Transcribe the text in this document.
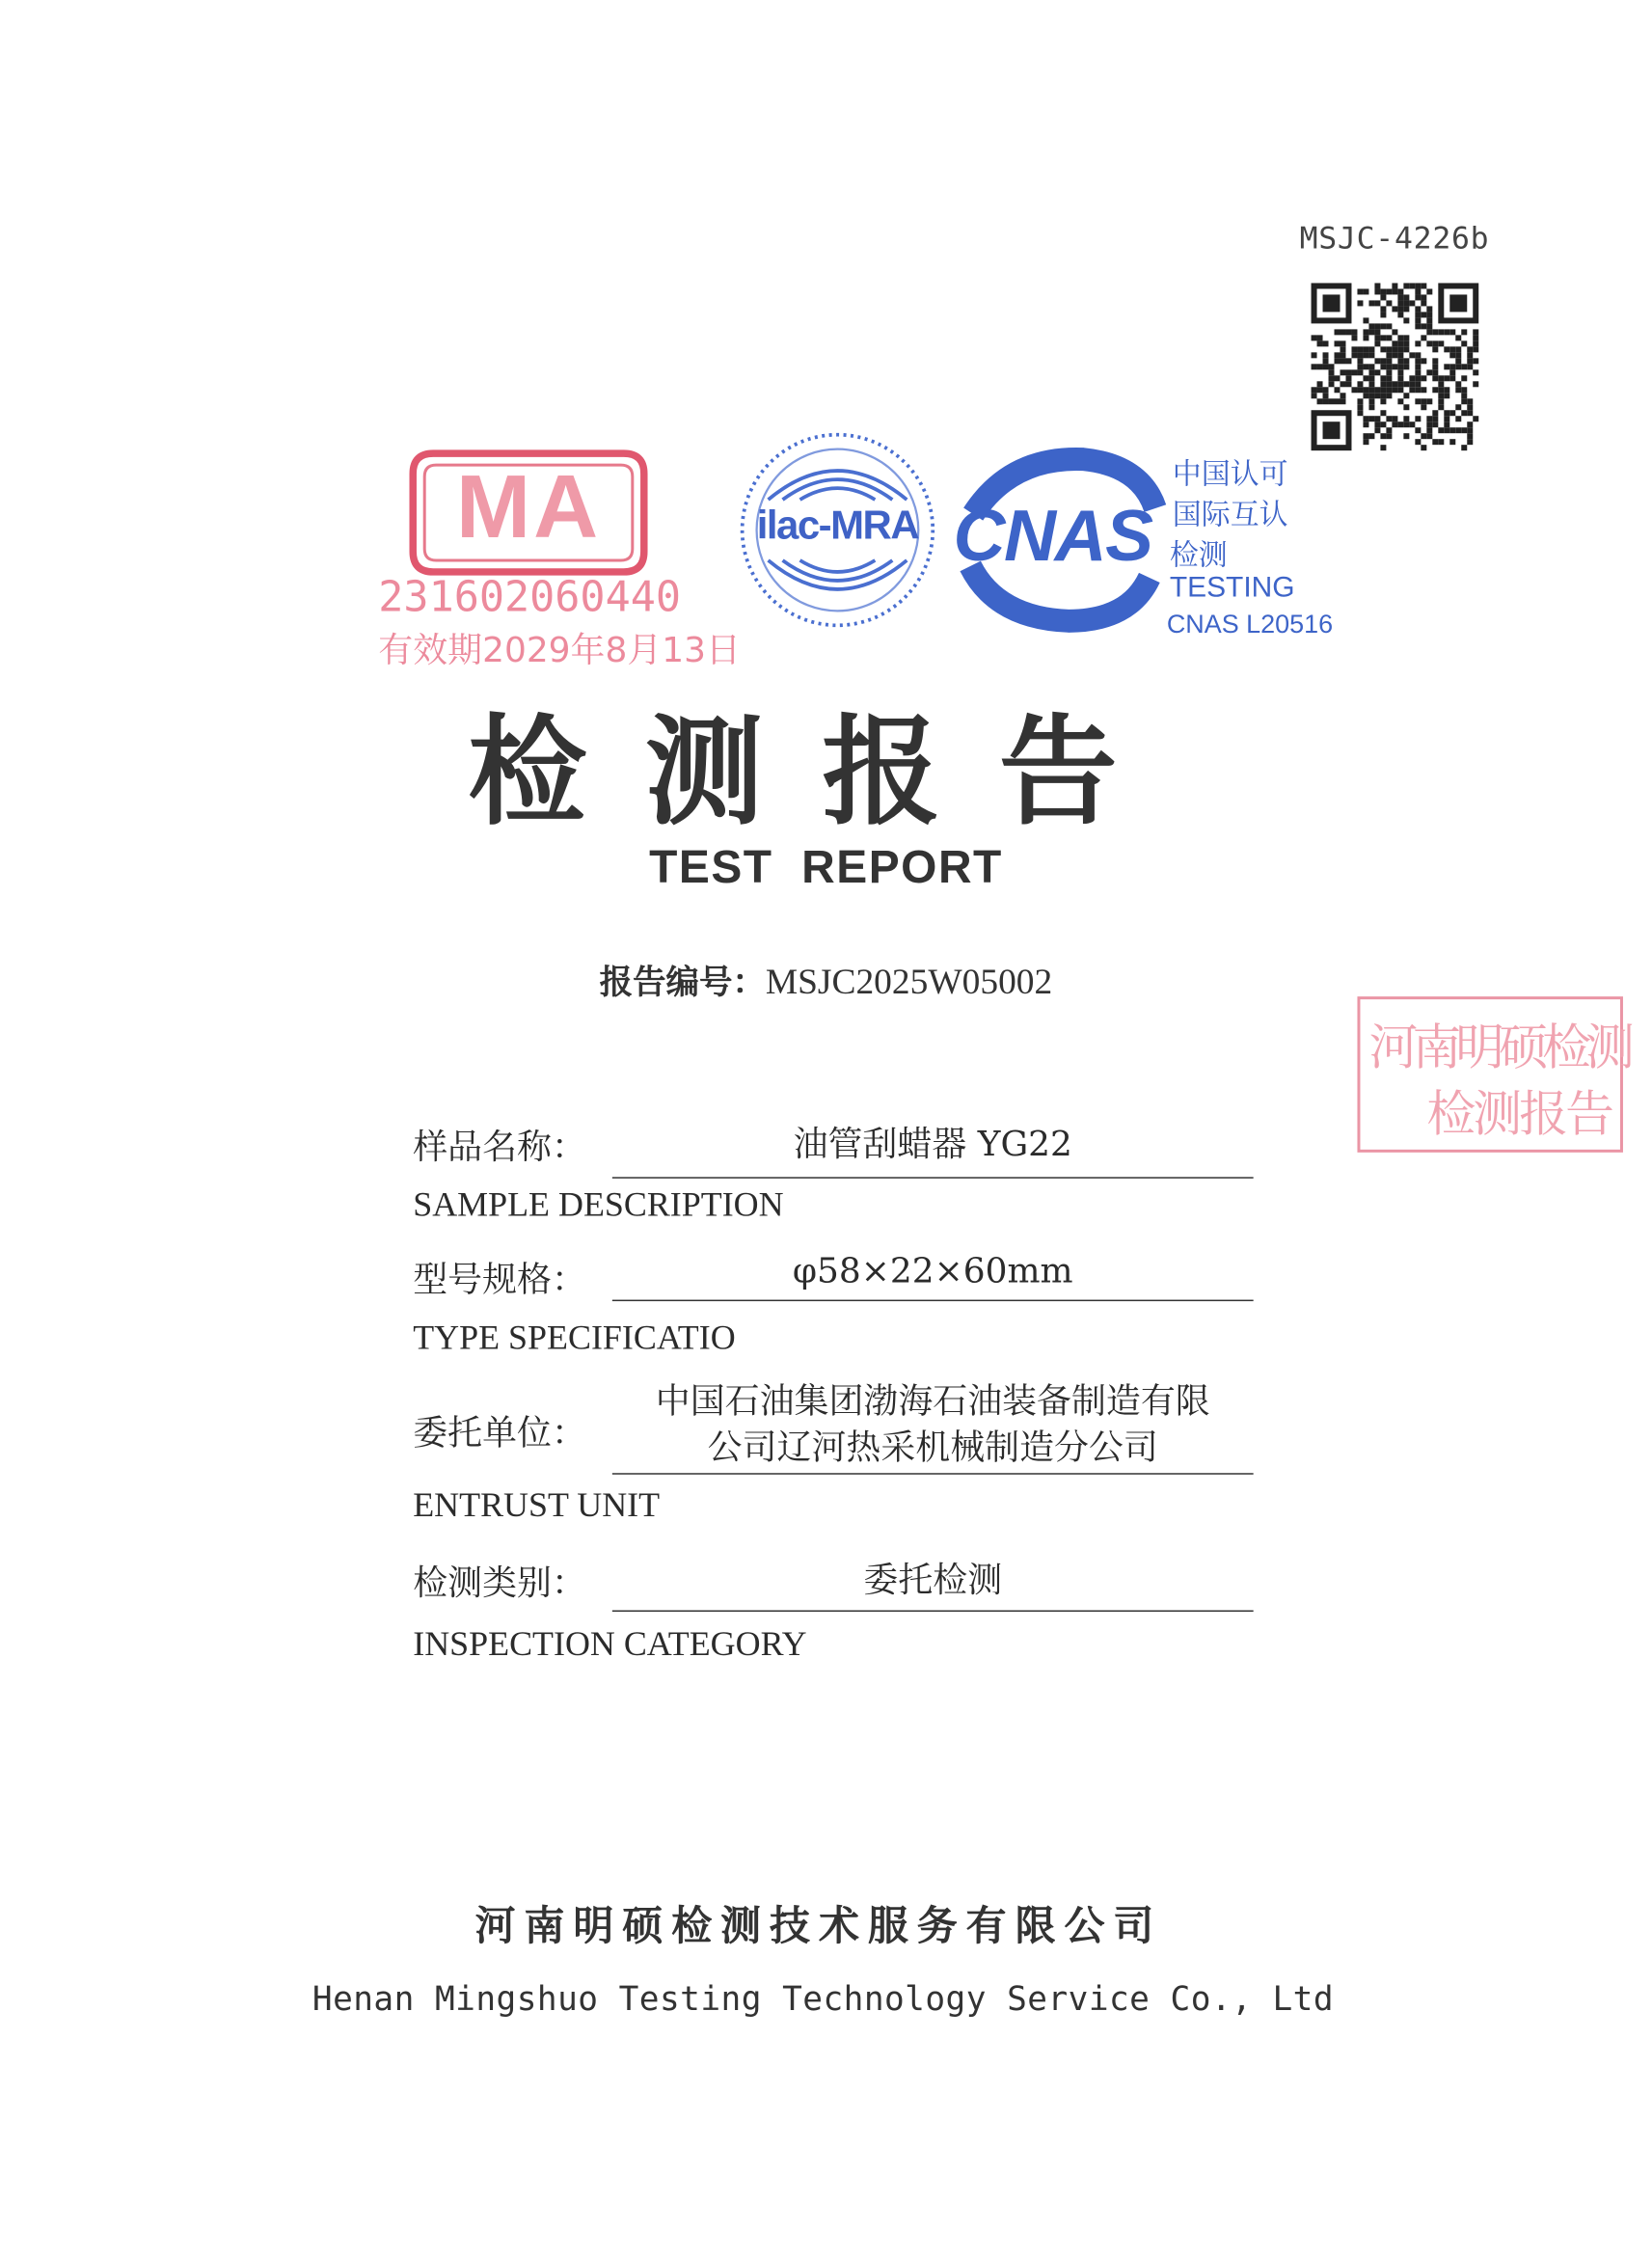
MSJC-4226b
MA
231602060440
有效期2029年8月13日
ilac-MRA CNAS
中国认可
国际互认
检测
TESTING
CNAS L20516
检 测 报 告
TEST  REPORT
报告编号：MSJC2025W05002
河南明硕检测
检测报告
样品名称：	油管刮蜡器 YG22
SAMPLE DESCRIPTION
型号规格：	φ58×22×60mm
TYPE SPECIFICATIO
委托单位：
中国石油集团渤海石油装备制造有限
公司辽河热采机械制造分公司
ENTRUST UNIT
检测类别：	委托检测
INSPECTION CATEGORY
河南明硕检测技术服务有限公司
Henan Mingshuo Testing Technology Service Co., Ltd
